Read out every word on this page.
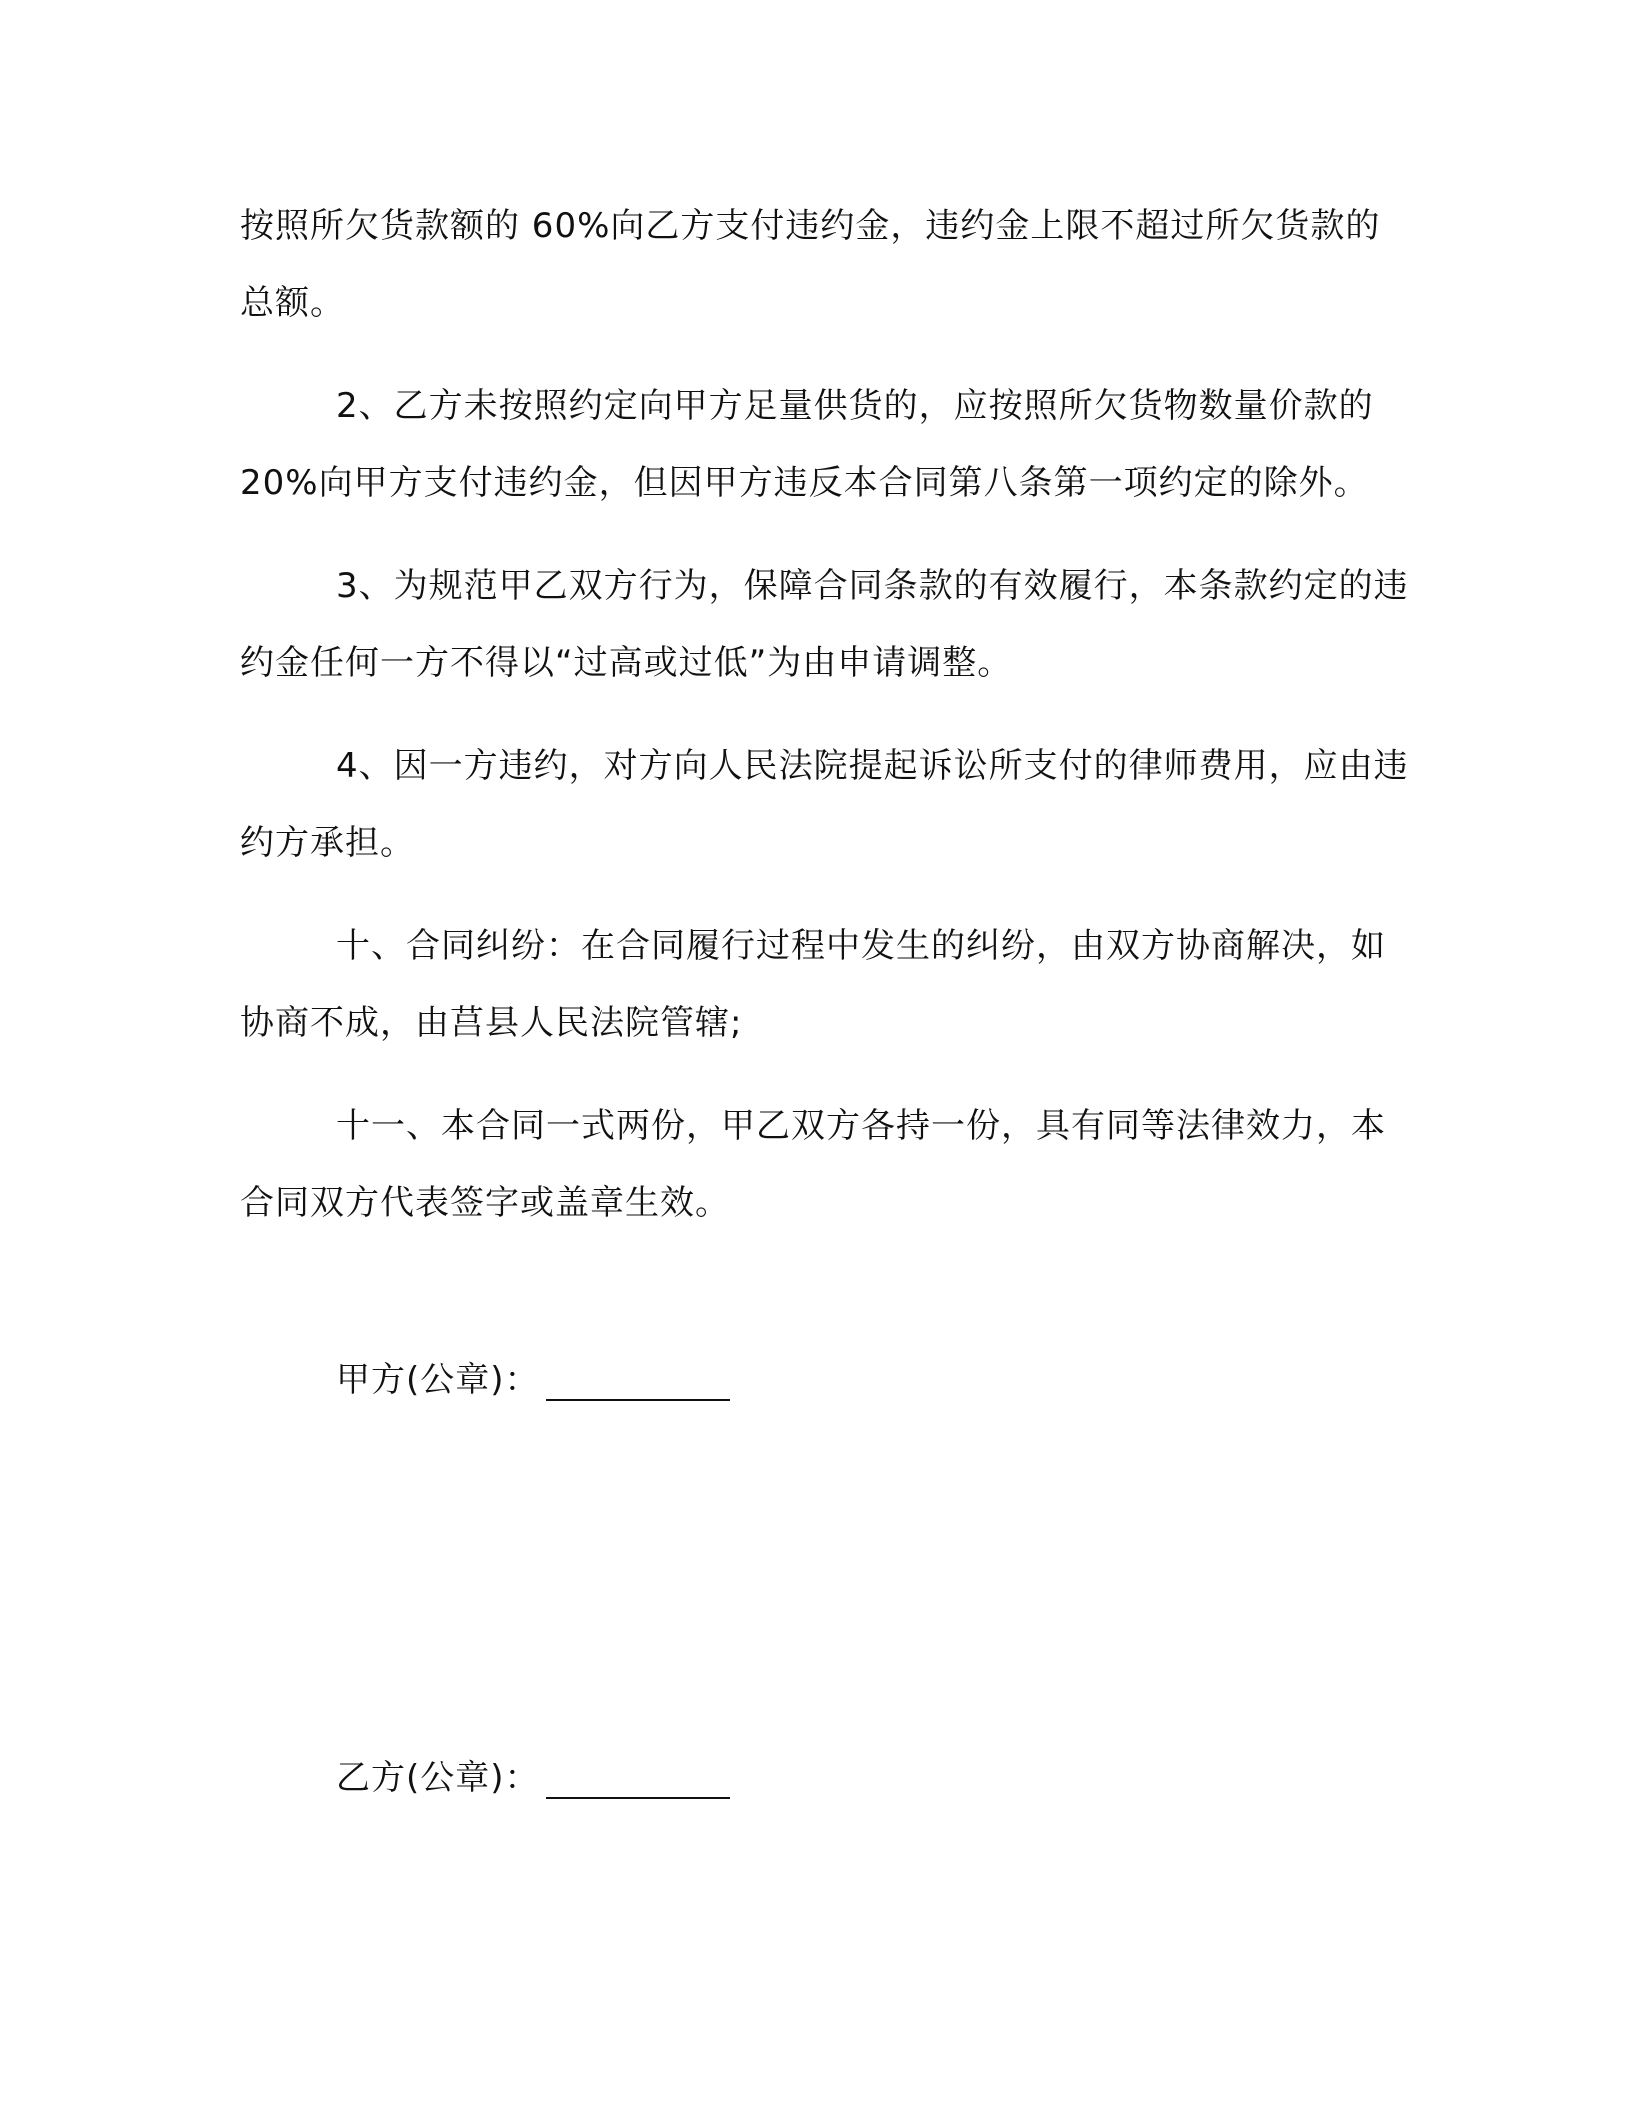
按照所欠货款额的 60%向乙方支付违约金，违约金上限不超过所欠货款的总额。

2、乙方未按照约定向甲方足量供货的，应按照所欠货物数量价款的 20%向甲方支付违约金，但因甲方违反本合同第八条第一项约定的除外。

3、为规范甲乙双方行为，保障合同条款的有效履行，本条款约定的违约金任何一方不得以“过高或过低”为由申请调整。

4、因一方违约，对方向人民法院提起诉讼所支付的律师费用，应由违约方承担。

十、合同纠纷：在合同履行过程中发生的纠纷，由双方协商解决，如协商不成，由莒县人民法院管辖;

十一、本合同一式两份，甲乙双方各持一份，具有同等法律效力，本合同双方代表签字或盖章生效。

甲方(公章)：
乙方(公章)：
